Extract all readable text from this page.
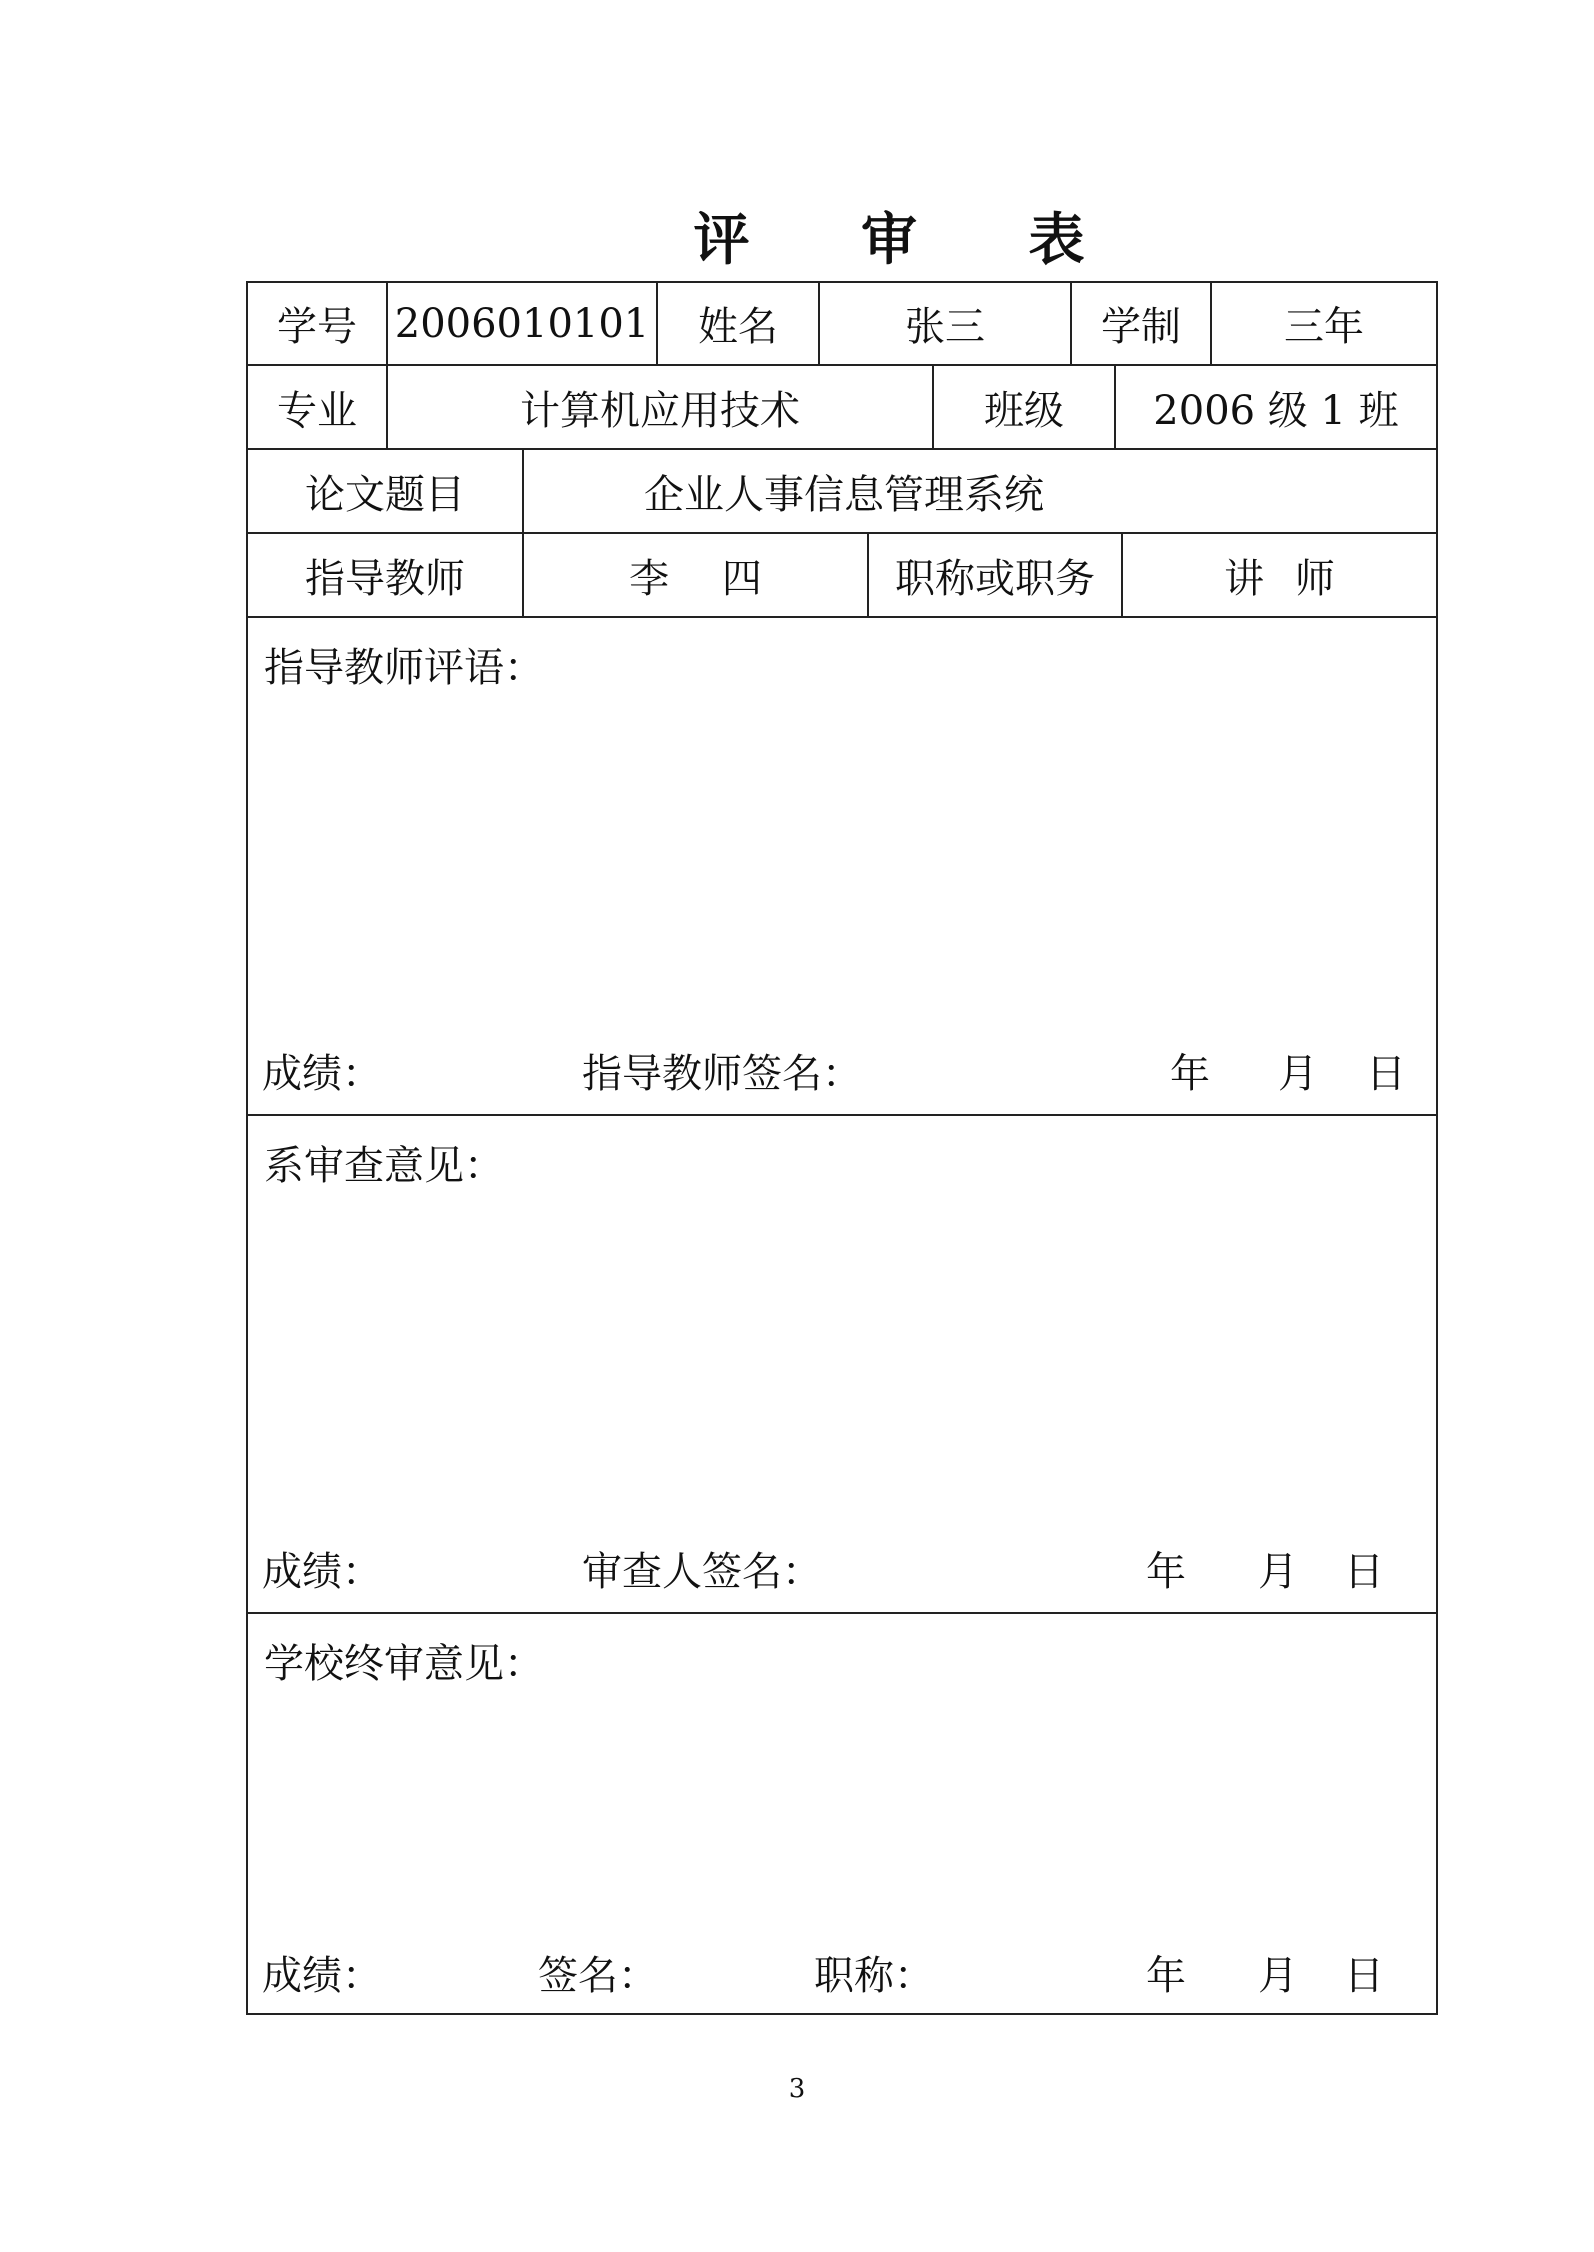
评 审 表
学号 2006010101	姓名	张三	学制	三年
专业	计算机应用技术	班级	2006 级 1 班
论文题目	企业人事信息管理系统
指导教师	李 四	职称或职务	讲 师
指导教师评语：
成绩：	指导教师签名：	年 月 日
系审查意见：
成绩：	审查人签名：	年 月 日
学校终审意见：
成绩：	签名：	职称：	年 月 日
3
